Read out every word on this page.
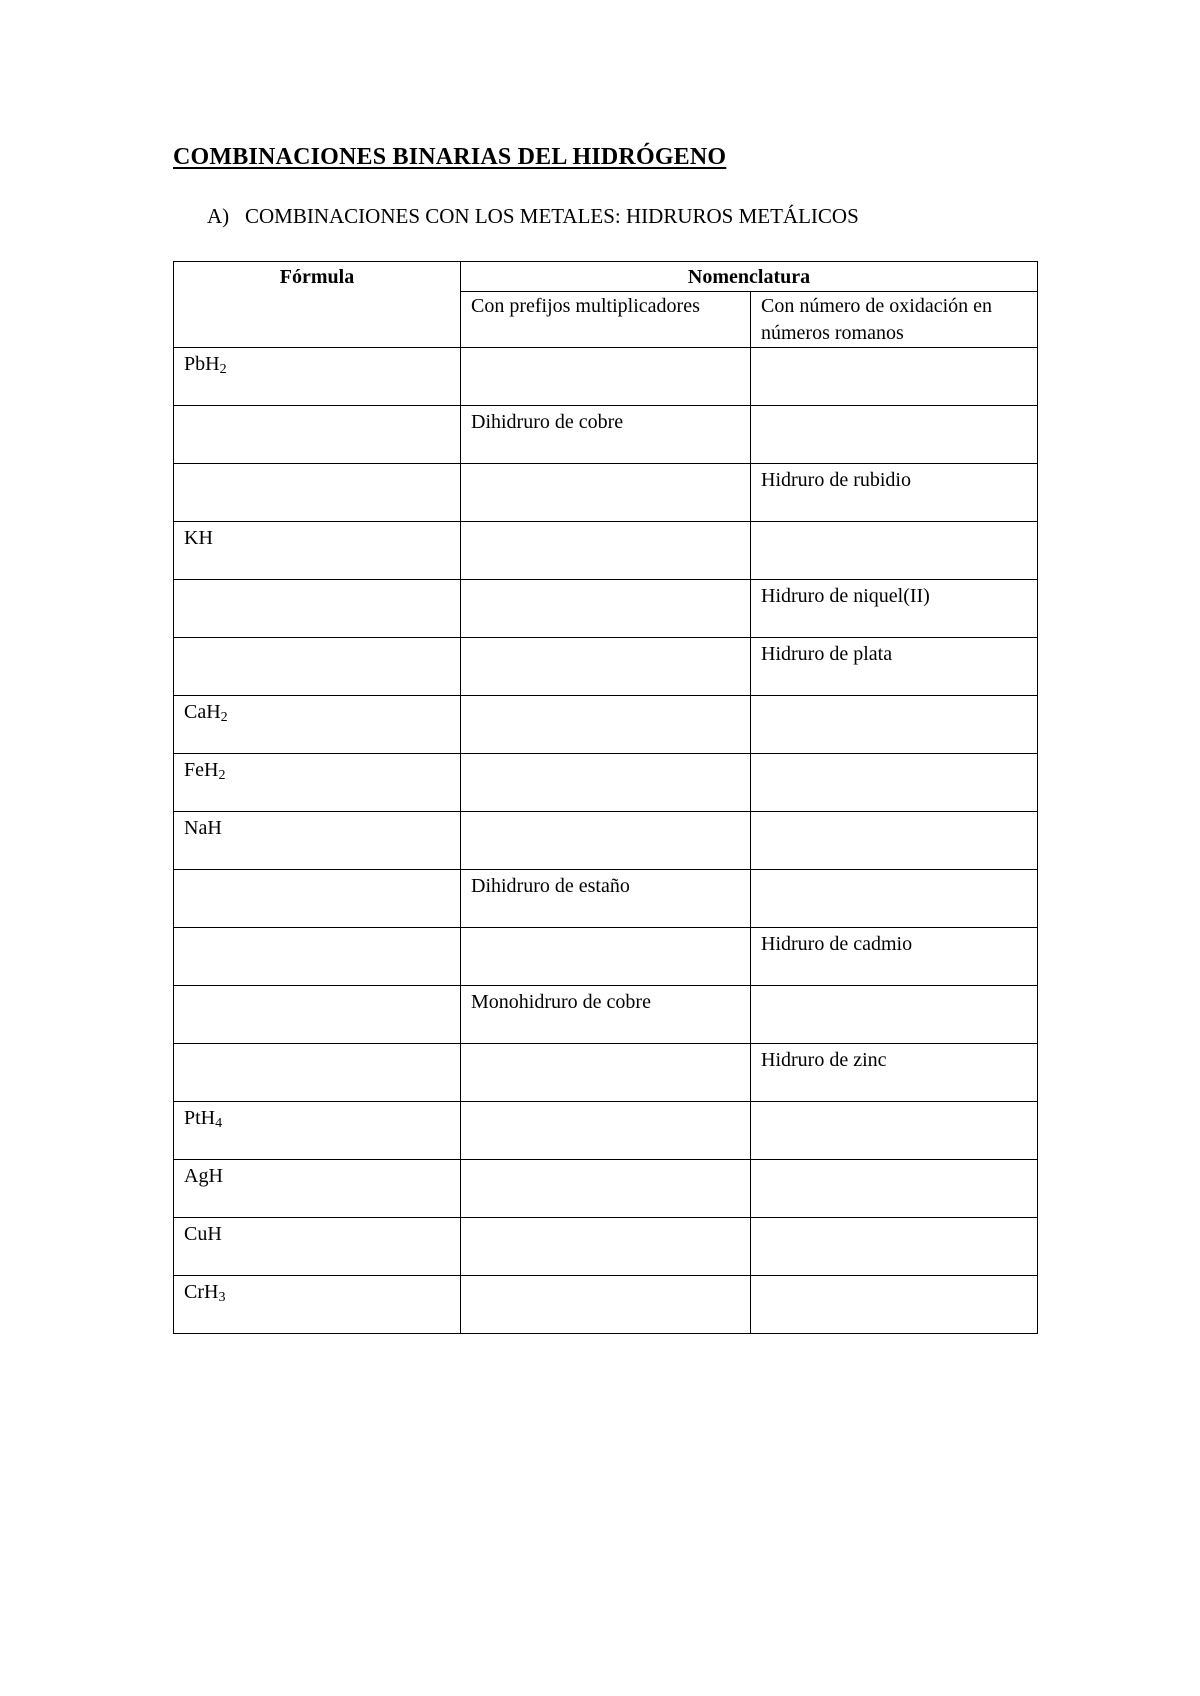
COMBINACIONES BINARIAS DEL HIDRÓGENO
A) COMBINACIONES CON LOS METALES: HIDRUROS METÁLICOS
Fórmula	Nomenclatura	
	Con prefijos multiplicadores	Con número de oxidación en números romanos
PbH$_2$		
	Dihidruro de cobre	
		Hidruro de rubidio
KH		
		Hidruro de niquel(II)
		Hidruro de plata
CaH$_2$		
FeH$_2$		
NaH		
	Dihidruro de estaño	
		Hidruro de cadmio
	Monohidruro de cobre	
		Hidruro de zinc
PtH$_4$		
AgH		
CuH		
CrH$_3$		
